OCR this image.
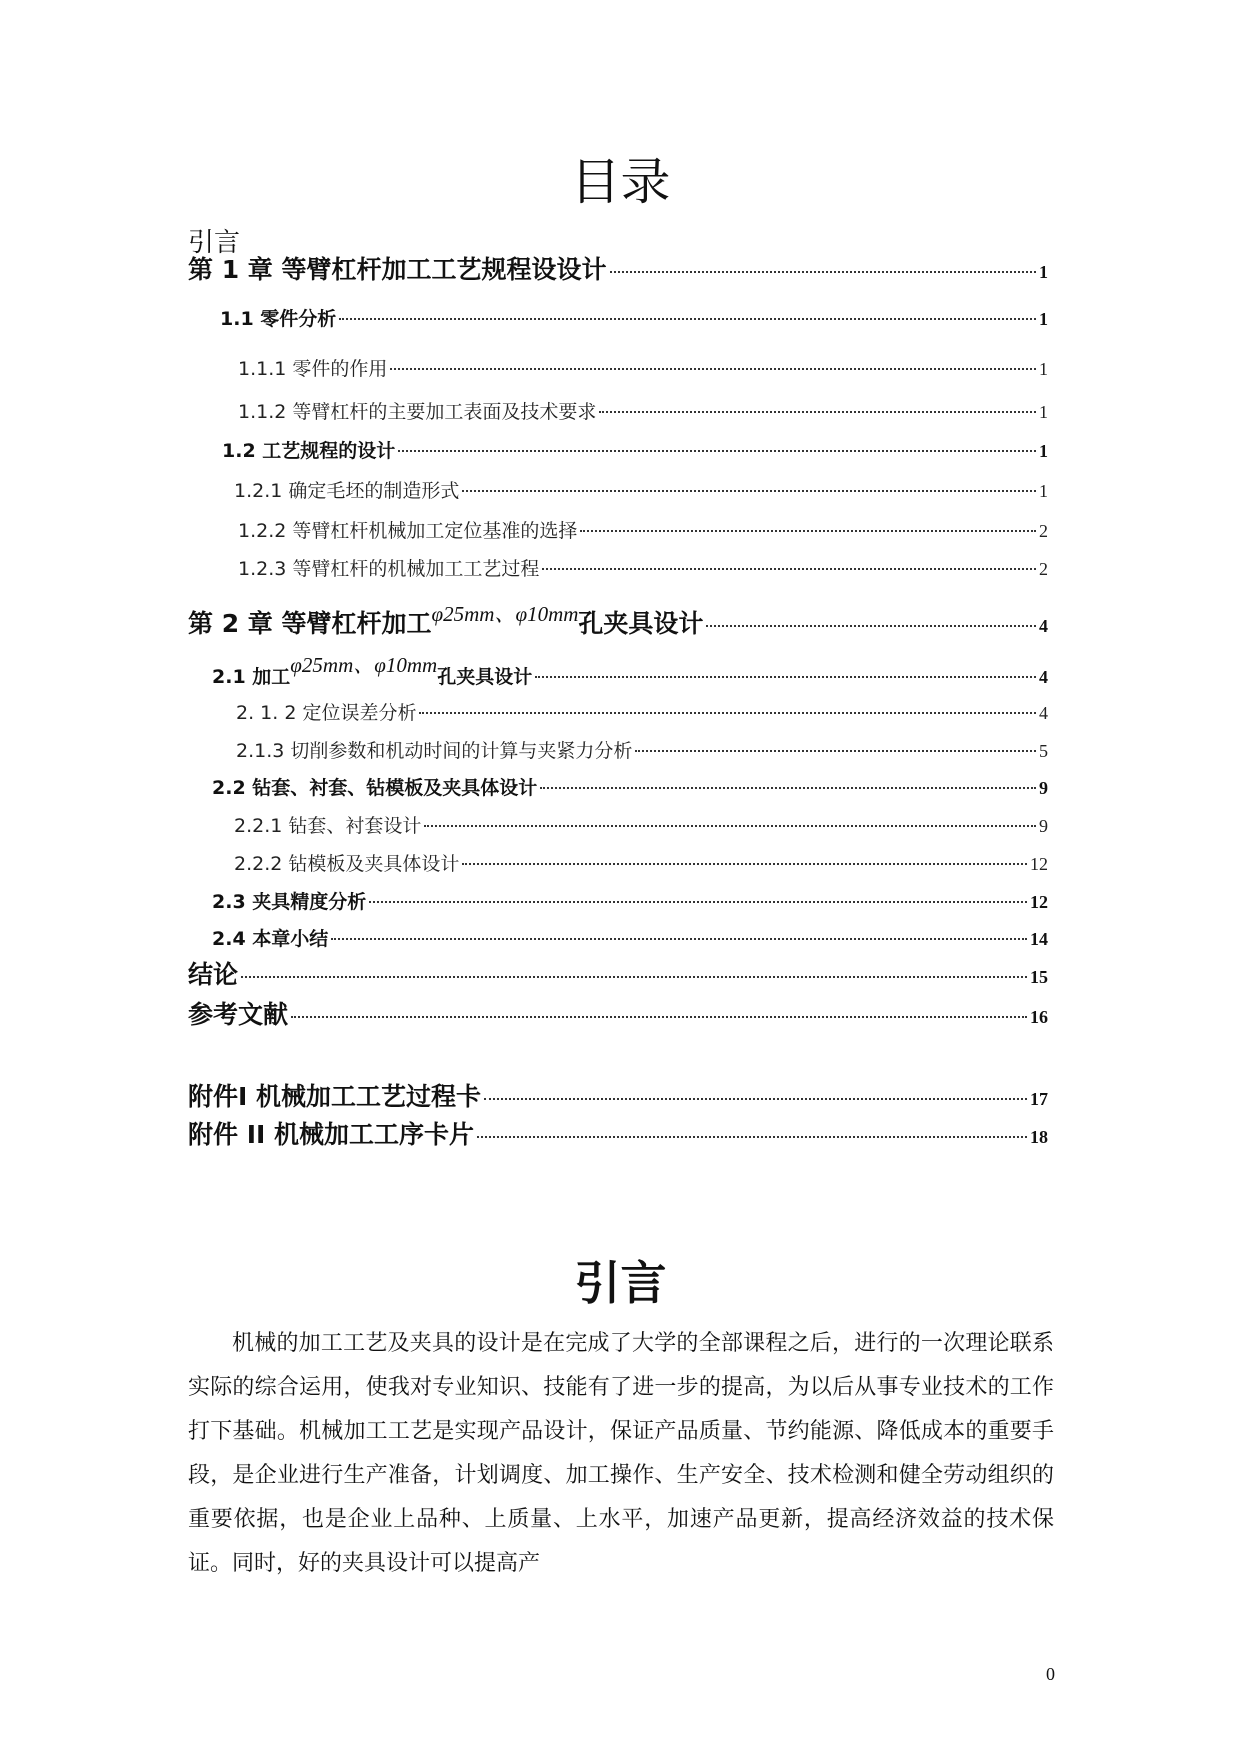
目录
引言
第 1 章 等臂杠杆加工工艺规程设设计	1
1.1 零件分析	1
1.1.1 零件的作用	1
1.1.2 等臂杠杆的主要加工表面及技术要求	1
1.2 工艺规程的设计	1
1.2.1 确定毛坯的制造形式	1
1.2.2 等臂杠杆机械加工定位基准的选择	2
1.2.3 等臂杠杆的机械加工工艺过程	2
第 2 章 等臂杠杆加工$^{\varphi 25mm、\varphi 10mm}$孔夹具设计	4
2.1 加工φ25mm、φ10mm孔夹具设计	4
2. 1. 2 定位误差分析	4
2.1.3 切削参数和机动时间的计算与夹紧力分析	5
2.2 钻套、衬套、钻模板及夹具体设计	9
2.2.1 钻套、衬套设计	9
2.2.2 钻模板及夹具体设计	12
2.3 夹具精度分析	12
2.4 本章小结	14
结论	15
参考文献	16
附件Ⅰ 机械加工工艺过程卡	17
附件 II 机械加工工序卡片	18
引言
机械的加工工艺及夹具的设计是在完成了大学的全部课程之后，进行的一次理论联系实际的综合运用，使我对专业知识、技能有了进一步的提高，为以后从事专业技术的工作打下基础。机械加工工艺是实现产品设计，保证产品质量、节约能源、降低成本的重要手段，是企业进行生产准备，计划调度、加工操作、生产安全、技术检测和健全劳动组织的重要依据，也是企业上品种、上质量、上水平，加速产品更新，提高经济效益的技术保证。同时，好的夹具设计可以提高产
0
